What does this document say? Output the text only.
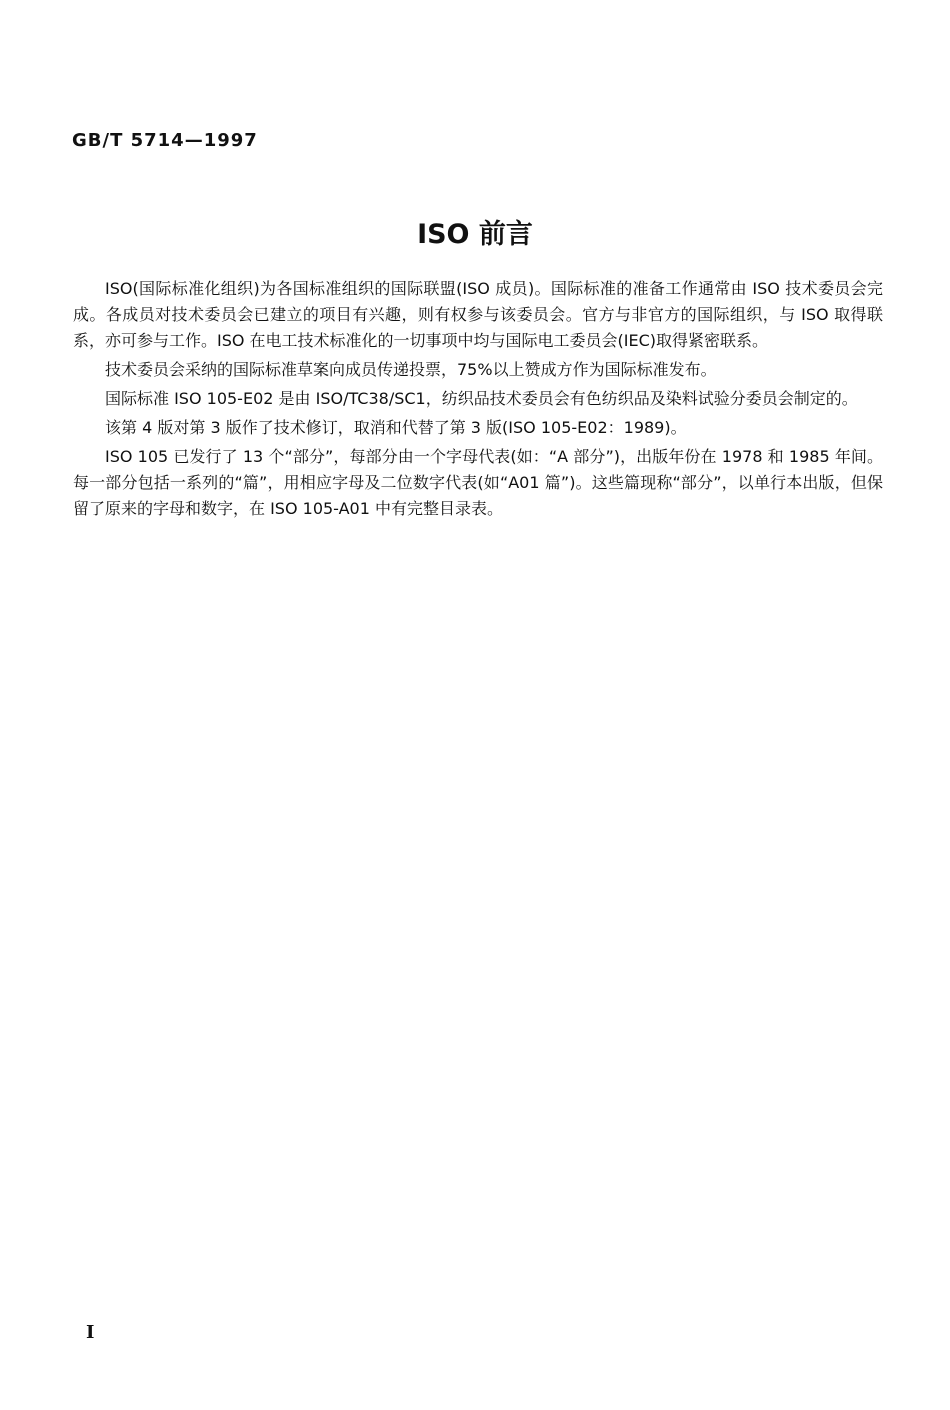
GB/T 5714—1997
ISO 前言

ISO(国际标准化组织)为各国标准组织的国际联盟(ISO 成员)。国际标准的准备工作通常由 ISO 技术委员会完成。各成员对技术委员会已建立的项目有兴趣，则有权参与该委员会。官方与非官方的国际组织，与 ISO 取得联系，亦可参与工作。ISO 在电工技术标准化的一切事项中均与国际电工委员会(IEC)取得紧密联系。

技术委员会采纳的国际标准草案向成员传递投票，75%以上赞成方作为国际标准发布。

国际标准 ISO 105-E02 是由 ISO/TC38/SC1，纺织品技术委员会有色纺织品及染料试验分委员会制定的。

该第 4 版对第 3 版作了技术修订，取消和代替了第 3 版(ISO 105-E02：1989)。

ISO 105 已发行了 13 个“部分”，每部分由一个字母代表(如：“A 部分”)，出版年份在 1978 和 1985 年间。每一部分包括一系列的“篇”，用相应字母及二位数字代表(如“A01 篇”)。这些篇现称“部分”，以单行本出版，但保留了原来的字母和数字，在 ISO 105-A01 中有完整目录表。

I
